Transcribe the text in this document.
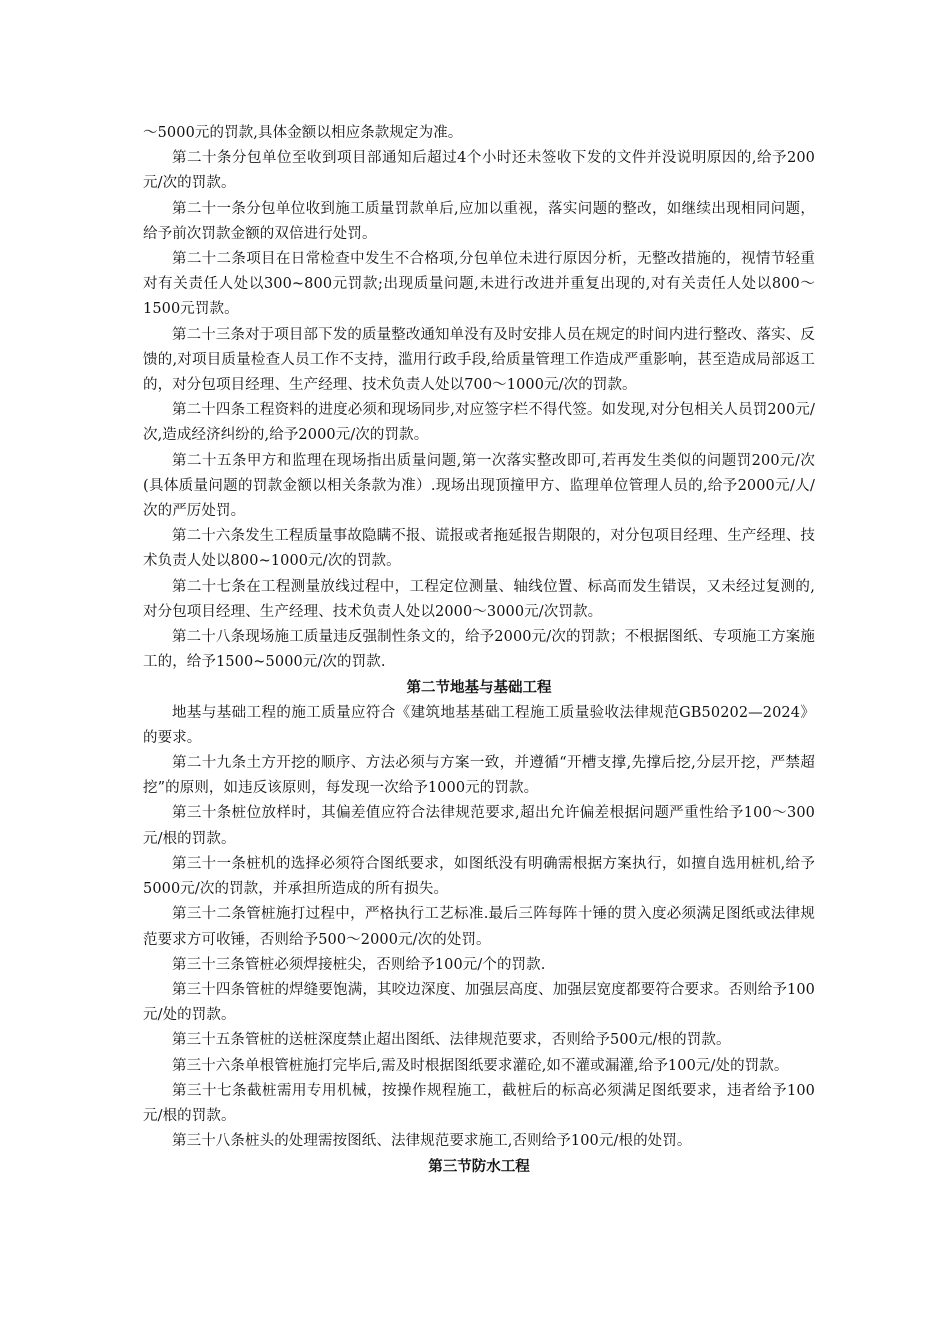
～5000元的罚款,具体金额以相应条款规定为准。

第二十条分包单位至收到项目部通知后超过4个小时还未签收下发的文件并没说明原因的,给予200元/次的罚款。

第二十一条分包单位收到施工质量罚款单后,应加以重视，落实问题的整改，如继续出现相同问题，给予前次罚款金额的双倍进行处罚。

第二十二条项目在日常检查中发生不合格项,分包单位未进行原因分析，无整改措施的，视情节轻重对有关责任人处以300~800元罚款;出现质量问题,未进行改进并重复出现的,对有关责任人处以800～1500元罚款。

第二十三条对于项目部下发的质量整改通知单没有及时安排人员在规定的时间内进行整改、落实、反馈的,对项目质量检查人员工作不支持，滥用行政手段,给质量管理工作造成严重影响，甚至造成局部返工的，对分包项目经理、生产经理、技术负责人处以700～1000元/次的罚款。

第二十四条工程资料的进度必须和现场同步,对应签字栏不得代签。如发现,对分包相关人员罚200元/次,造成经济纠纷的,给予2000元/次的罚款。

第二十五条甲方和监理在现场指出质量问题,第一次落实整改即可,若再发生类似的问题罚200元/次(具体质量问题的罚款金额以相关条款为准）.现场出现顶撞甲方、监理单位管理人员的,给予2000元/人/次的严厉处罚。

第二十六条发生工程质量事故隐瞒不报、谎报或者拖延报告期限的，对分包项目经理、生产经理、技术负责人处以800~1000元/次的罚款。

第二十七条在工程测量放线过程中，工程定位测量、轴线位置、标高而发生错误，又未经过复测的,对分包项目经理、生产经理、技术负责人处以2000～3000元/次罚款。

第二十八条现场施工质量违反强制性条文的，给予2000元/次的罚款；不根据图纸、专项施工方案施工的，给予1500~5000元/次的罚款.

第二节地基与基础工程

地基与基础工程的施工质量应符合《建筑地基基础工程施工质量验收法律规范GB50202—2024》的要求。

第二十九条土方开挖的顺序、方法必须与方案一致，并遵循“开槽支撑,先撑后挖,分层开挖，严禁超挖”的原则，如违反该原则，每发现一次给予1000元的罚款。

第三十条桩位放样时，其偏差值应符合法律规范要求,超出允许偏差根据问题严重性给予100～300元/根的罚款。

第三十一条桩机的选择必须符合图纸要求，如图纸没有明确需根据方案执行，如擅自选用桩机,给予5000元/次的罚款，并承担所造成的所有损失。

第三十二条管桩施打过程中，严格执行工艺标准.最后三阵每阵十锤的贯入度必须满足图纸或法律规范要求方可收锤，否则给予500～2000元/次的处罚。

第三十三条管桩必须焊接桩尖，否则给予100元/个的罚款.

第三十四条管桩的焊缝要饱满，其咬边深度、加强层高度、加强层宽度都要符合要求。否则给予100元/处的罚款。

第三十五条管桩的送桩深度禁止超出图纸、法律规范要求，否则给予500元/根的罚款。

第三十六条单根管桩施打完毕后,需及时根据图纸要求灌砼,如不灌或漏灌,给予100元/处的罚款。

第三十七条截桩需用专用机械，按操作规程施工，截桩后的标高必须满足图纸要求，违者给予100元/根的罚款。

第三十八条桩头的处理需按图纸、法律规范要求施工,否则给予100元/根的处罚。

第三节防水工程
